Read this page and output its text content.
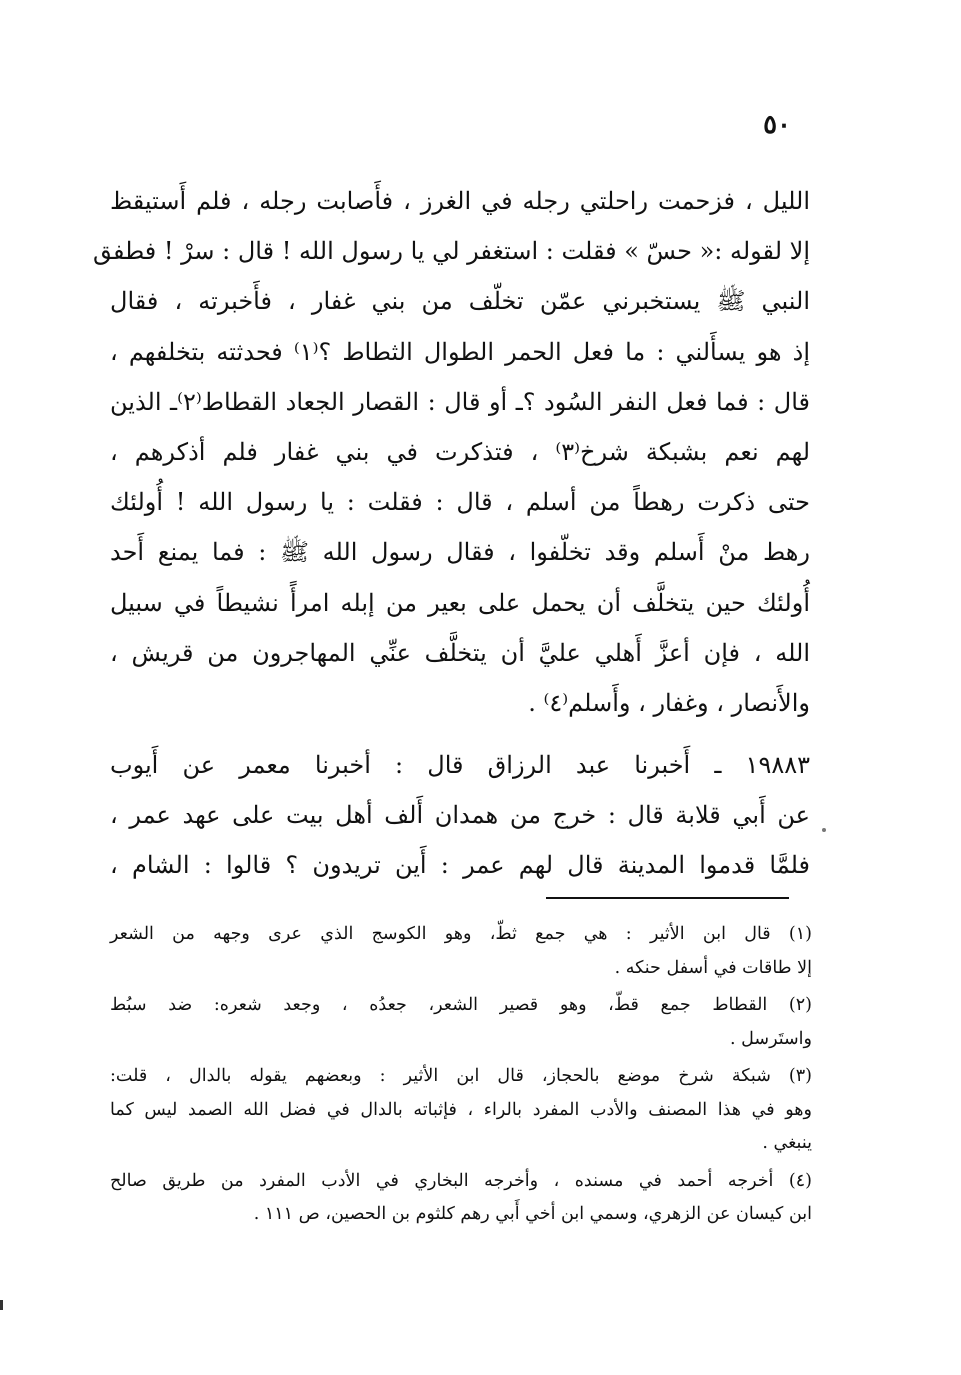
٥٠
الليل ، فزحمت راحلتي رجله في الغرز ، فأَصابت رجله ، فلم أَستيقظ
إلا لقوله :« حسّ » فقلت : استغفر لي يا رسول الله ! قال : سرْ ! فطفق
النبي ﷺ يستخبرني عمّن تخلّف من بني غفار ، فأَخبرته ، فقال
إذ هو يسأَلني : ما فعل الحمر الطوال الثطاط ؟⁽١⁾ فحدثته بتخلفهم ،
قال : فما فعل النفر السُود ؟ـ أو قال : القصار الجعاد القطاط⁽٢⁾ـ الذين
لهم نعم بشبكة شرخ⁽٣⁾ ، فتذكرت في بني غفار فلم أذكرهم ،
حتى ذكرت رهطاً من أسلم ، قال : فقلت : يا رسول الله ! أُولئك
رهط منْ أَسلم وقد تخلّفوا ، فقال رسول الله ﷺ : فما يمنع أَحد
أُولئك حين يتخلَّف أن يحمل على بعير من إبله امرأً نشيطاً في سبيل
الله ، فإن أعزَّ أَهلي عليَّ أن يتخلَّف عنِّي المهاجرون من قريش ،
والأَنصار ، وغفار ، وأَسلم⁽٤⁾ .
١٩٨٨٣ ـ أَخبرنا عبد الرزاق قال : أخبرنا معمر عن أَيوب
عن أَبي قلابة قال : خرج من همدان أَلف أهل بيت على عهد عمر ،
فلمَّا قدموا المدينة قال لهم عمر : أَين تريدون ؟ قالوا : الشام ،
(١) قال ابن الأثير : هي جمع ثطّ، وهو الكوسج الذي عرى وجهه من الشعر
إلا طاقات في أسفل حنكه .
(٢) القطاط جمع قطّ، وهو قصير الشعر، جعدُه ، وجعد شعره: ضد سبُط
واستَرسل .
(٣) شبكة شرخ موضع بالحجاز، قال ابن الأثير : وبعضهم يقوله بالدال ، قلت:
وهو في هذا المصنف والأدب المفرد بالراء ، فإثباته بالدال في فضل الله الصمد ليس كما
ينبغي .
(٤) أخرجه أحمد في مسنده ، وأخرجه البخاري في الأدب المفرد من طريق صالح
ابن كيسان عن الزهري، وسمي ابن أخي أَبي رهم كلثوم بن الحصين، ص ١١١ .
